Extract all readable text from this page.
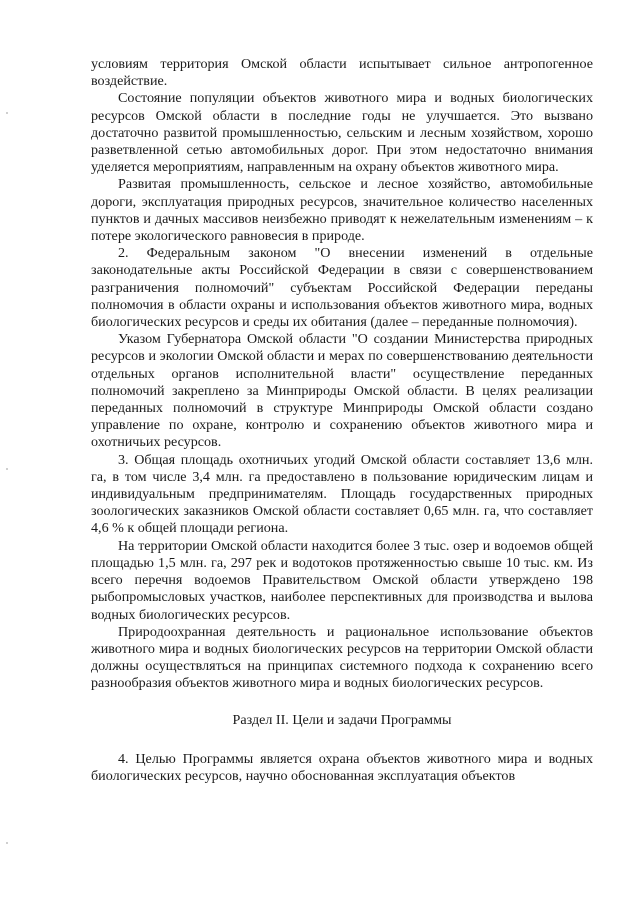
условиям территория Омской области испытывает сильное антропогенное воздействие.

Состояние популяции объектов животного мира и водных биологических ресурсов Омской области в последние годы не улучшается. Это вызвано достаточно развитой промышленностью, сельским и лесным хозяйством, хорошо разветвленной сетью автомобильных дорог. При этом недостаточно внимания уделяется мероприятиям, направленным на охрану объектов животного мира.

Развитая промышленность, сельское и лесное хозяйство, автомобильные дороги, эксплуатация природных ресурсов, значительное количество населенных пунктов и дачных массивов неизбежно приводят к нежелательным изменениям – к потере экологического равновесия в природе.

2. Федеральным законом "О внесении изменений в отдельные законодательные акты Российской Федерации в связи с совершенствованием разграничения полномочий" субъектам Российской Федерации переданы полномочия в области охраны и использования объектов животного мира, водных биологических ресурсов и среды их обитания (далее – переданные полномочия).

Указом Губернатора Омской области "О создании Министерства природных ресурсов и экологии Омской области и мерах по совершенствованию деятельности отдельных органов исполнительной власти" осуществление переданных полномочий закреплено за Минприроды Омской области. В целях реализации переданных полномочий в структуре Минприроды Омской области создано управление по охране, контролю и сохранению объектов животного мира и охотничьих ресурсов.

3. Общая площадь охотничьих угодий Омской области составляет 13,6 млн. га, в том числе 3,4 млн. га предоставлено в пользование юридическим лицам и индивидуальным предпринимателям. Площадь государственных природных зоологических заказников Омской области составляет 0,65 млн. га, что составляет 4,6 % к общей площади региона.

На территории Омской области находится более 3 тыс. озер и водоемов общей площадью 1,5 млн. га, 297 рек и водотоков протяженностью свыше 10 тыс. км. Из всего перечня водоемов Правительством Омской области утверждено 198 рыбопромысловых участков, наиболее перспективных для производства и вылова водных биологических ресурсов.

Природоохранная деятельность и рациональное использование объектов животного мира и водных биологических ресурсов на территории Омской области должны осуществляться на принципах системного подхода к сохранению всего разнообразия объектов животного мира и водных биологических ресурсов.

Раздел II. Цели и задачи Программы

4. Целью Программы является охрана объектов животного мира и водных биологических ресурсов, научно обоснованная эксплуатация объектов
